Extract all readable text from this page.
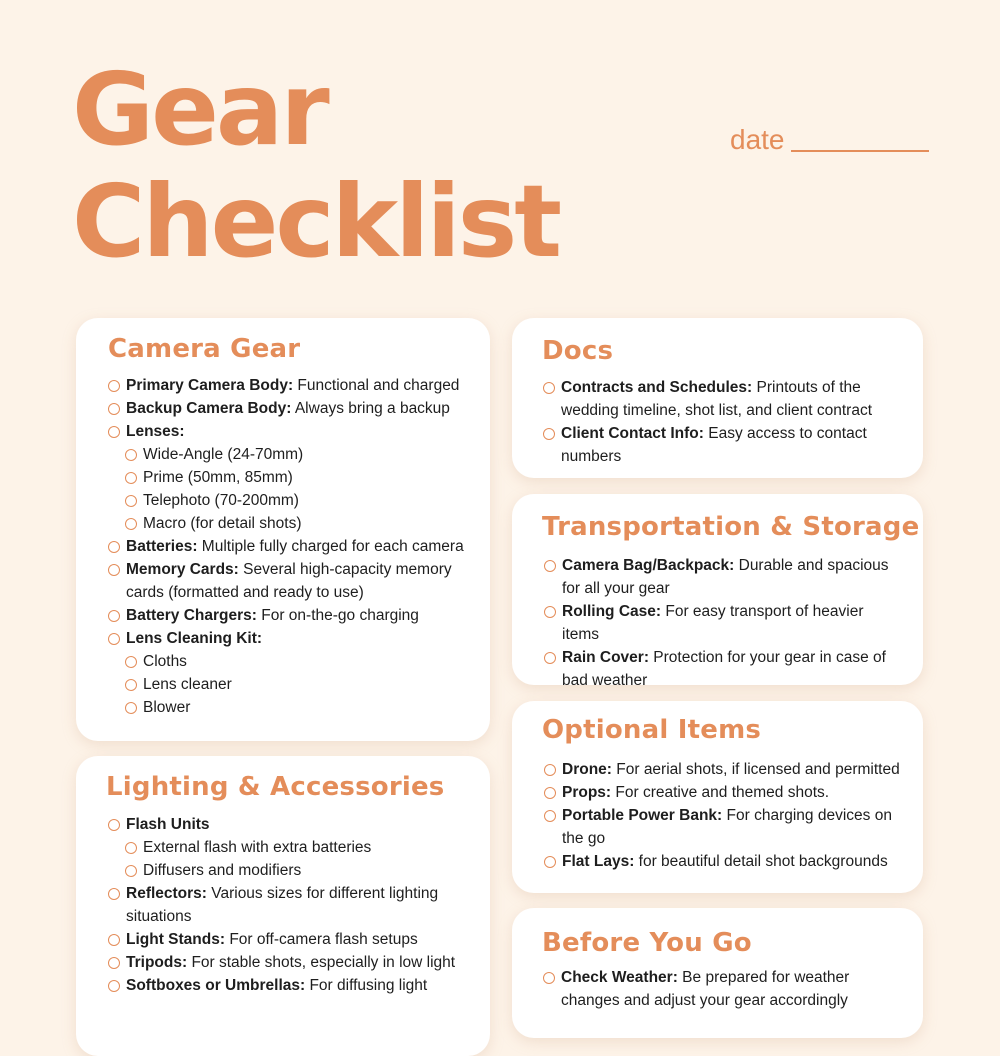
Gear
Checklist
date
Camera Gear
Primary Camera Body: Functional and charged
Backup Camera Body: Always bring a backup
Lenses:
Wide-Angle (24-70mm)
Prime (50mm, 85mm)
Telephoto (70-200mm)
Macro (for detail shots)
Batteries: Multiple fully charged for each camera
Memory Cards: Several high-capacity memory cards (formatted and ready to use)
Battery Chargers: For on-the-go charging
Lens Cleaning Kit:
Cloths
Lens cleaner
Blower
Lighting & Accessories
Flash Units
External flash with extra batteries
Diffusers and modifiers
Reflectors: Various sizes for different lighting situations
Light Stands: For off-camera flash setups
Tripods: For stable shots, especially in low light
Softboxes or Umbrellas: For diffusing light
Docs
Contracts and Schedules: Printouts of the wedding timeline, shot list, and client contract
Client Contact Info: Easy access to contact numbers
Transportation & Storage
Camera Bag/Backpack: Durable and spacious for all your gear
Rolling Case: For easy transport of heavier items
Rain Cover: Protection for your gear in case of bad weather
Optional Items
Drone: For aerial shots, if licensed and permitted
Props: For creative and themed shots.
Portable Power Bank: For charging devices on the go
Flat Lays: for beautiful detail shot backgrounds
Before You Go
Check Weather: Be prepared for weather changes and adjust your gear accordingly
